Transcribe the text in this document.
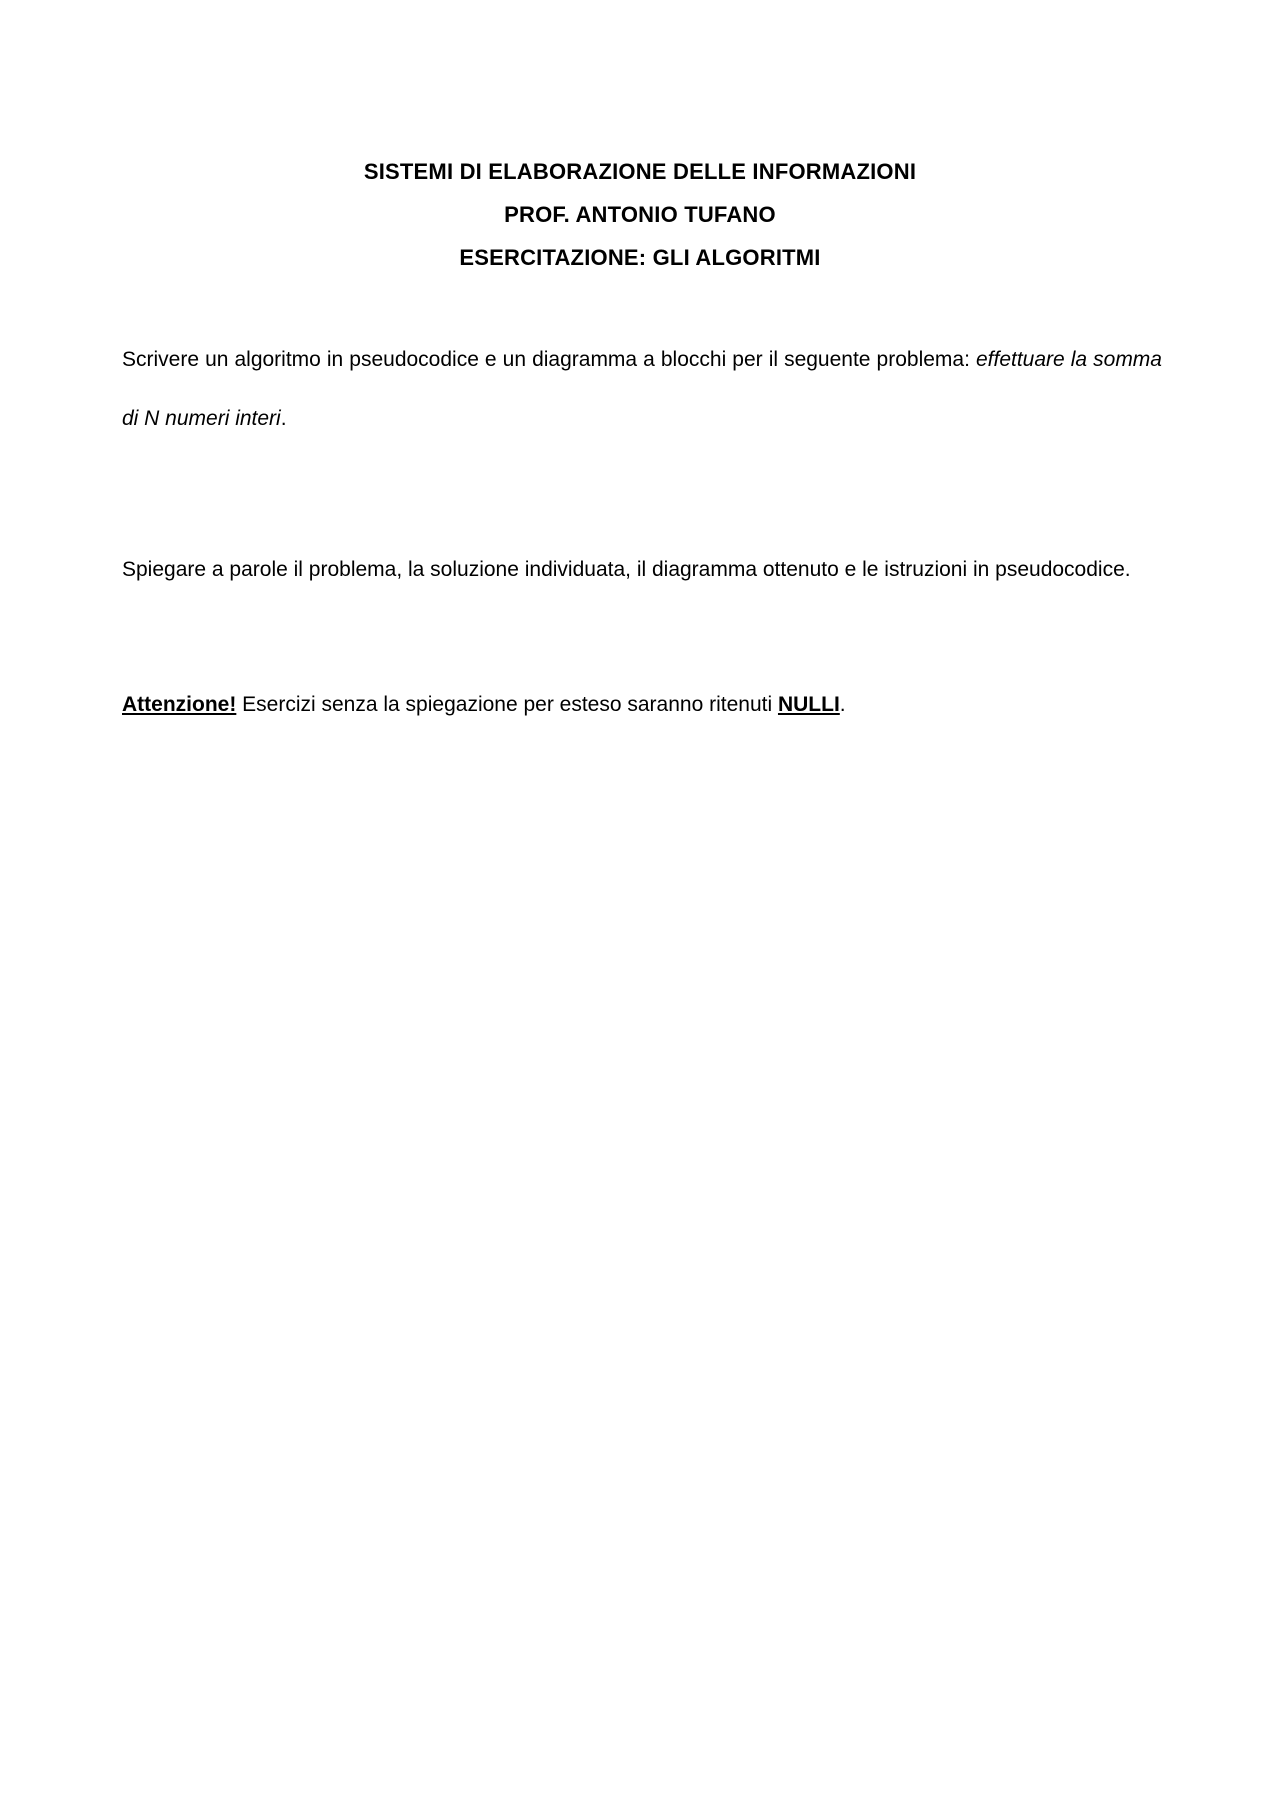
SISTEMI DI ELABORAZIONE DELLE INFORMAZIONI
PROF. ANTONIO TUFANO
ESERCITAZIONE: GLI ALGORITMI
Scrivere un algoritmo in pseudocodice e un diagramma a blocchi per il seguente problema: effettuare la somma di N numeri interi.
Spiegare a parole il problema, la soluzione individuata, il diagramma ottenuto e le istruzioni in pseudocodice.
Attenzione! Esercizi senza la spiegazione per esteso saranno ritenuti NULLI.
